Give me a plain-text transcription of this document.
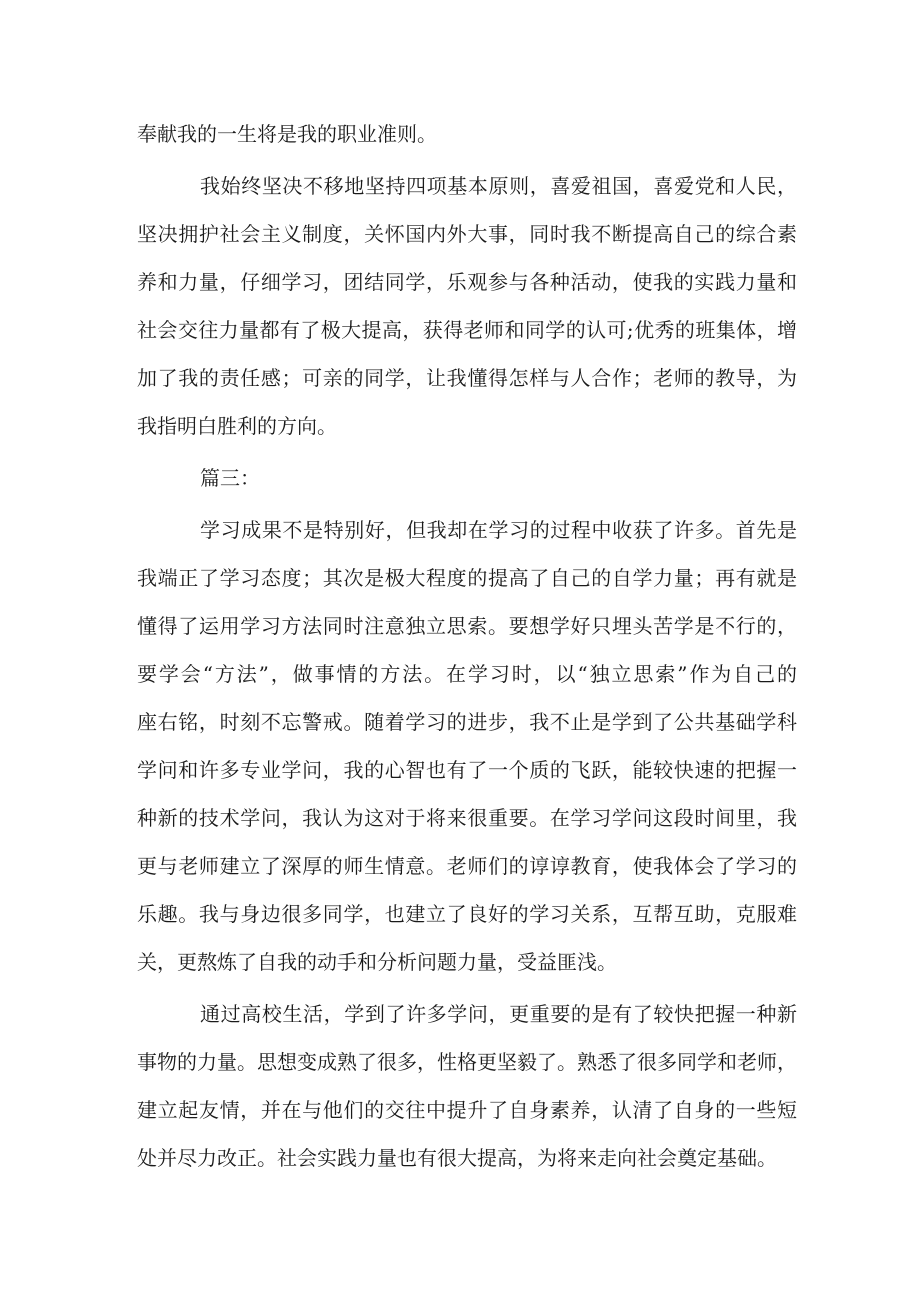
奉献我的一生将是我的职业准则。
我始终坚决不移地坚持四项基本原则，喜爱祖国，喜爱党和人民，
坚决拥护社会主义制度，关怀国内外大事，同时我不断提高自己的综合素
养和力量，仔细学习，团结同学，乐观参与各种活动，使我的实践力量和
社会交往力量都有了极大提高，获得老师和同学的认可;优秀的班集体，增
加了我的责任感；可亲的同学，让我懂得怎样与人合作；老师的教导，为
我指明白胜利的方向。
篇三：
学习成果不是特别好，但我却在学习的过程中收获了许多。首先是
我端正了学习态度；其次是极大程度的提高了自己的自学力量；再有就是
懂得了运用学习方法同时注意独立思索。要想学好只埋头苦学是不行的，
要学会“方法”，做事情的方法。在学习时，以“独立思索”作为自己的
座右铭，时刻不忘警戒。随着学习的进步，我不止是学到了公共基础学科
学问和许多专业学问，我的心智也有了一个质的飞跃，能较快速的把握一
种新的技术学问，我认为这对于将来很重要。在学习学问这段时间里，我
更与老师建立了深厚的师生情意。老师们的谆谆教育，使我体会了学习的
乐趣。我与身边很多同学，也建立了良好的学习关系，互帮互助，克服难
关，更熬炼了自我的动手和分析问题力量，受益匪浅。
通过高校生活，学到了许多学问，更重要的是有了较快把握一种新
事物的力量。思想变成熟了很多，性格更坚毅了。熟悉了很多同学和老师，
建立起友情，并在与他们的交往中提升了自身素养，认清了自身的一些短
处并尽力改正。社会实践力量也有很大提高，为将来走向社会奠定基础。
